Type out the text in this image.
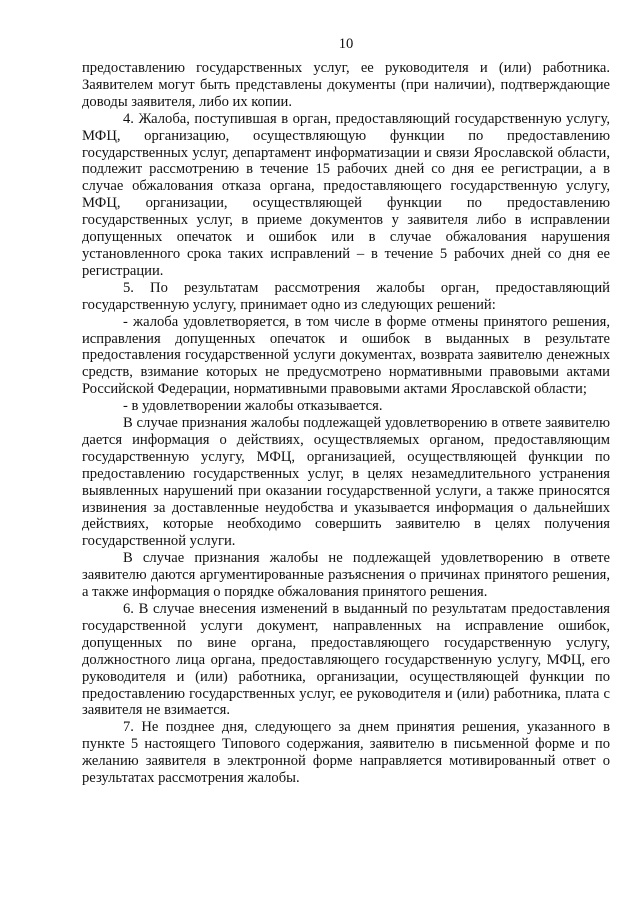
10

предоставлению государственных услуг, ее руководителя и (или) работника. Заявителем могут быть представлены документы (при наличии), подтверждающие доводы заявителя, либо их копии.

4. Жалоба, поступившая в орган, предоставляющий государственную услугу, МФЦ, организацию, осуществляющую функции по предоставлению государственных услуг, департамент информатизации и связи Ярославской области, подлежит рассмотрению в течение 15 рабочих дней со дня ее регистрации, а в случае обжалования отказа органа, предоставляющего государственную услугу, МФЦ, организации, осуществляющей функции по предоставлению государственных услуг, в приеме документов у заявителя либо в исправлении допущенных опечаток и ошибок или в случае обжалования нарушения установленного срока таких исправлений – в течение 5 рабочих дней со дня ее регистрации.

5. По результатам рассмотрения жалобы орган, предоставляющий государственную услугу, принимает одно из следующих решений:

- жалоба удовлетворяется, в том числе в форме отмены принятого решения, исправления допущенных опечаток и ошибок в выданных в результате предоставления государственной услуги документах, возврата заявителю денежных средств, взимание которых не предусмотрено нормативными правовыми актами Российской Федерации, нормативными правовыми актами Ярославской области;

- в удовлетворении жалобы отказывается.

В случае признания жалобы подлежащей удовлетворению в ответе заявителю дается информация о действиях, осуществляемых органом, предоставляющим государственную услугу, МФЦ, организацией, осуществляющей функции по предоставлению государственных услуг, в целях незамедлительного устранения выявленных нарушений при оказании государственной услуги, а также приносятся извинения за доставленные неудобства и указывается информация о дальнейших действиях, которые необходимо совершить заявителю в целях получения государственной услуги.

В случае признания жалобы не подлежащей удовлетворению в ответе заявителю даются аргументированные разъяснения о причинах принятого решения, а также информация о порядке обжалования принятого решения.

6. В случае внесения изменений в выданный по результатам предоставления государственной услуги документ, направленных на исправление ошибок, допущенных по вине органа, предоставляющего государственную услугу, должностного лица органа, предоставляющего государственную услугу, МФЦ, его руководителя и (или) работника, организации, осуществляющей функции по предоставлению государственных услуг, ее руководителя и (или) работника, плата с заявителя не взимается.

7. Не позднее дня, следующего за днем принятия решения, указанного в пункте 5 настоящего Типового содержания, заявителю в письменной форме и по желанию заявителя в электронной форме направляется мотивированный ответ о результатах рассмотрения жалобы.
